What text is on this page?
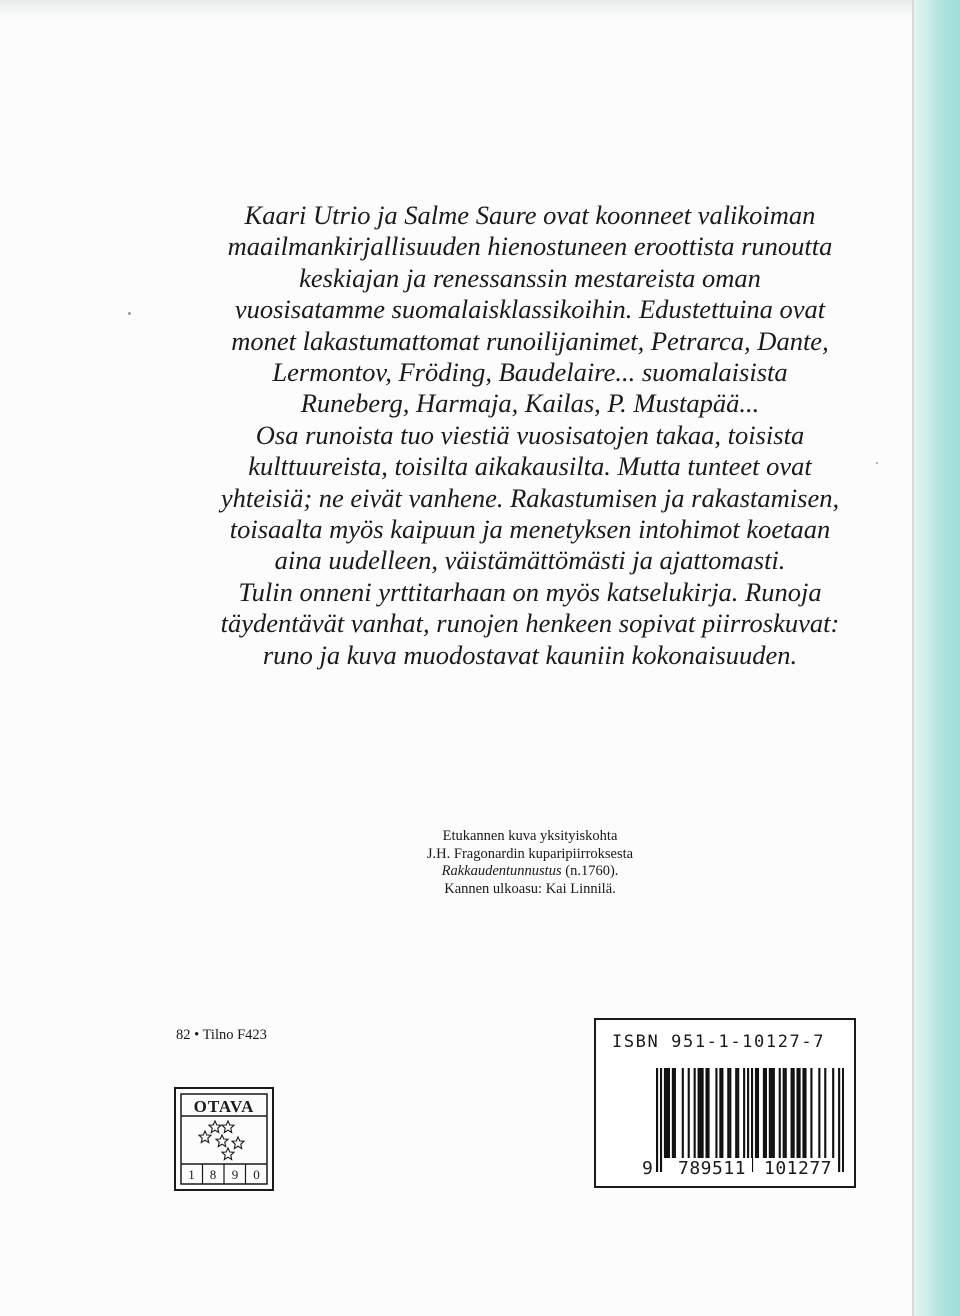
Kaari Utrio ja Salme Saure ovat koonneet valikoiman
maailmankirjallisuuden hienostuneen eroottista runoutta
keskiajan ja renessanssin mestareista oman
vuosisatamme suomalaisklassikoihin. Edustettuina ovat
monet lakastumattomat runoilijanimet, Petrarca, Dante,
Lermontov, Fröding, Baudelaire... suomalaisista
Runeberg, Harmaja, Kailas, P. Mustapää...
Osa runoista tuo viestiä vuosisatojen takaa, toisista
kulttuureista, toisilta aikakausilta. Mutta tunteet ovat
yhteisiä; ne eivät vanhene. Rakastumisen ja rakastamisen,
toisaalta myös kaipuun ja menetyksen intohimot koetaan
aina uudelleen, väistämättömästi ja ajattomasti.
Tulin onneni yrttitarhaan on myös katselukirja. Runoja
täydentävät vanhat, runojen henkeen sopivat piirroskuvat:
runo ja kuva muodostavat kauniin kokonaisuuden.
Etukannen kuva yksityiskohta
J.H. Fragonardin kuparipiirroksesta
Rakkaudentunnustus (n.1760).
Kannen ulkoasu: Kai Linnilä.
82 • Tilno F423
OTAVA
1 8 9 0
ISBN 951-1-10127-7
9	789511 101277
